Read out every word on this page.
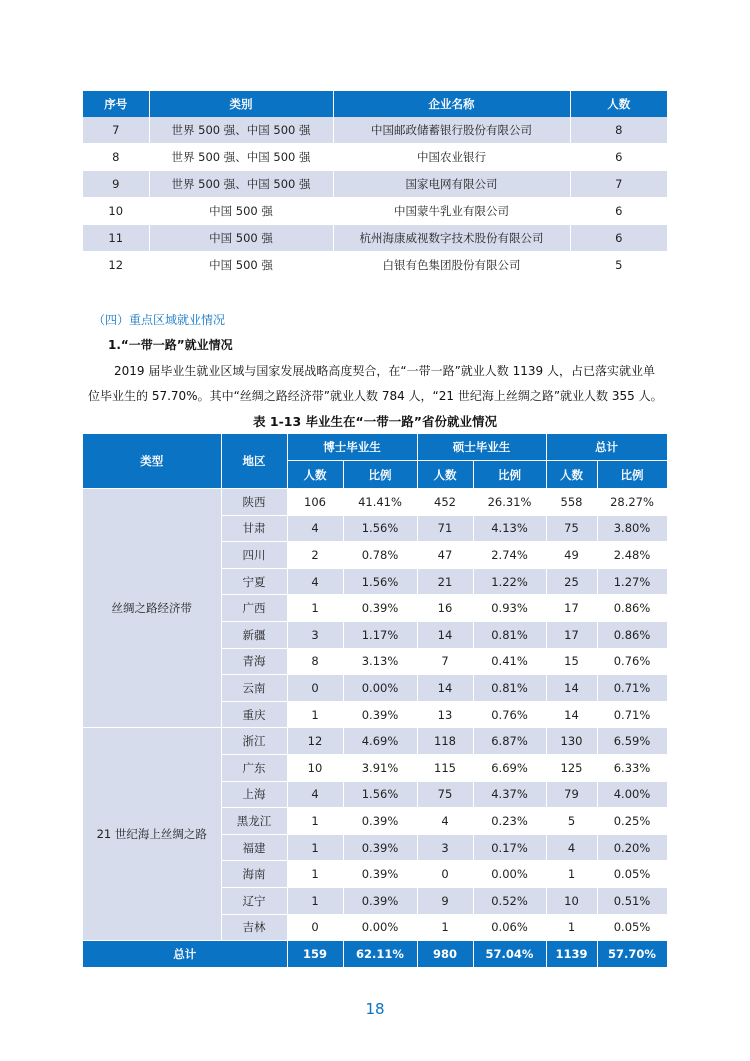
序号	类别	企业名称	人数
7	世界 500 强、中国 500 强	中国邮政储蓄银行股份有限公司	8
8	世界 500 强、中国 500 强	中国农业银行	6
9	世界 500 强、中国 500 强	国家电网有限公司	7
10	中国 500 强	中国蒙牛乳业有限公司	6
11	中国 500 强	杭州海康威视数字技术股份有限公司	6
12	中国 500 强	白银有色集团股份有限公司	5
（四）重点区域就业情况
1.“一带一路”就业情况
2019 届毕业生就业区域与国家发展战略高度契合，在“一带一路”就业人数 1139 人，占已落实就业单位毕业生的 57.70%。其中“丝绸之路经济带”就业人数 784 人，“21 世纪海上丝绸之路”就业人数 355 人。
表 1-13 毕业生在“一带一路”省份就业情况
类型	地区	博士毕业生		硕士毕业生		总计	
		人数	比例	人数	比例	人数	比例
丝绸之路经济带	陕西	106	41.41%	452	26.31%	558	28.27%
	甘肃	4	1.56%	71	4.13%	75	3.80%
	四川	2	0.78%	47	2.74%	49	2.48%
	宁夏	4	1.56%	21	1.22%	25	1.27%
	广西	1	0.39%	16	0.93%	17	0.86%
	新疆	3	1.17%	14	0.81%	17	0.86%
	青海	8	3.13%	7	0.41%	15	0.76%
	云南	0	0.00%	14	0.81%	14	0.71%
	重庆	1	0.39%	13	0.76%	14	0.71%
21 世纪海上丝绸之路	浙江	12	4.69%	118	6.87%	130	6.59%
	广东	10	3.91%	115	6.69%	125	6.33%
	上海	4	1.56%	75	4.37%	79	4.00%
	黑龙江	1	0.39%	4	0.23%	5	0.25%
	福建	1	0.39%	3	0.17%	4	0.20%
	海南	1	0.39%	0	0.00%	1	0.05%
	辽宁	1	0.39%	9	0.52%	10	0.51%
	吉林	0	0.00%	1	0.06%	1	0.05%
总计		159	62.11%	980	57.04%	1139	57.70%
18
